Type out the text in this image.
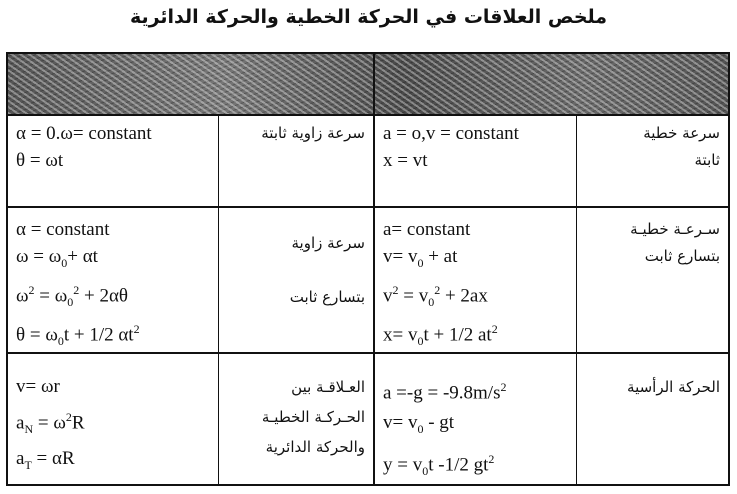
ملخص العلاقات في الحركة الخطية والحركة الدائرية
α = 0.ω= constant
θ = ωt
سرعة زاوية ثابتة a = o,v = constant
x = vt
سرعة خطية
ثابتة
α = constant
$\omega = \omega_0+ \alpha t$
$\omega^2 = \omega_0^2 + 2\alpha\theta$
$\theta = \omega_0t + 1/2$ $\alpha t^2$
سرعة زاوية
بتسارع ثابت
a= constant
$v= v_0$ + at
$v^2 = v_0^2 + 2ax$
$x= v_0t + 1/2$ $at^2$
سـرعـة خطيـة
بتسارع ثابت
v= ωr
$a_N = \omega^2R$
$a_T = \alpha R$
العـلاقـة بين
الحـركـة الخطيـة
والحركة الدائرية
$a =-g = -9.8m/s^2$
$v= v_0$ - gt
$y = v_0t$ -1/2 $gt^2$
الحركة الرأسية
